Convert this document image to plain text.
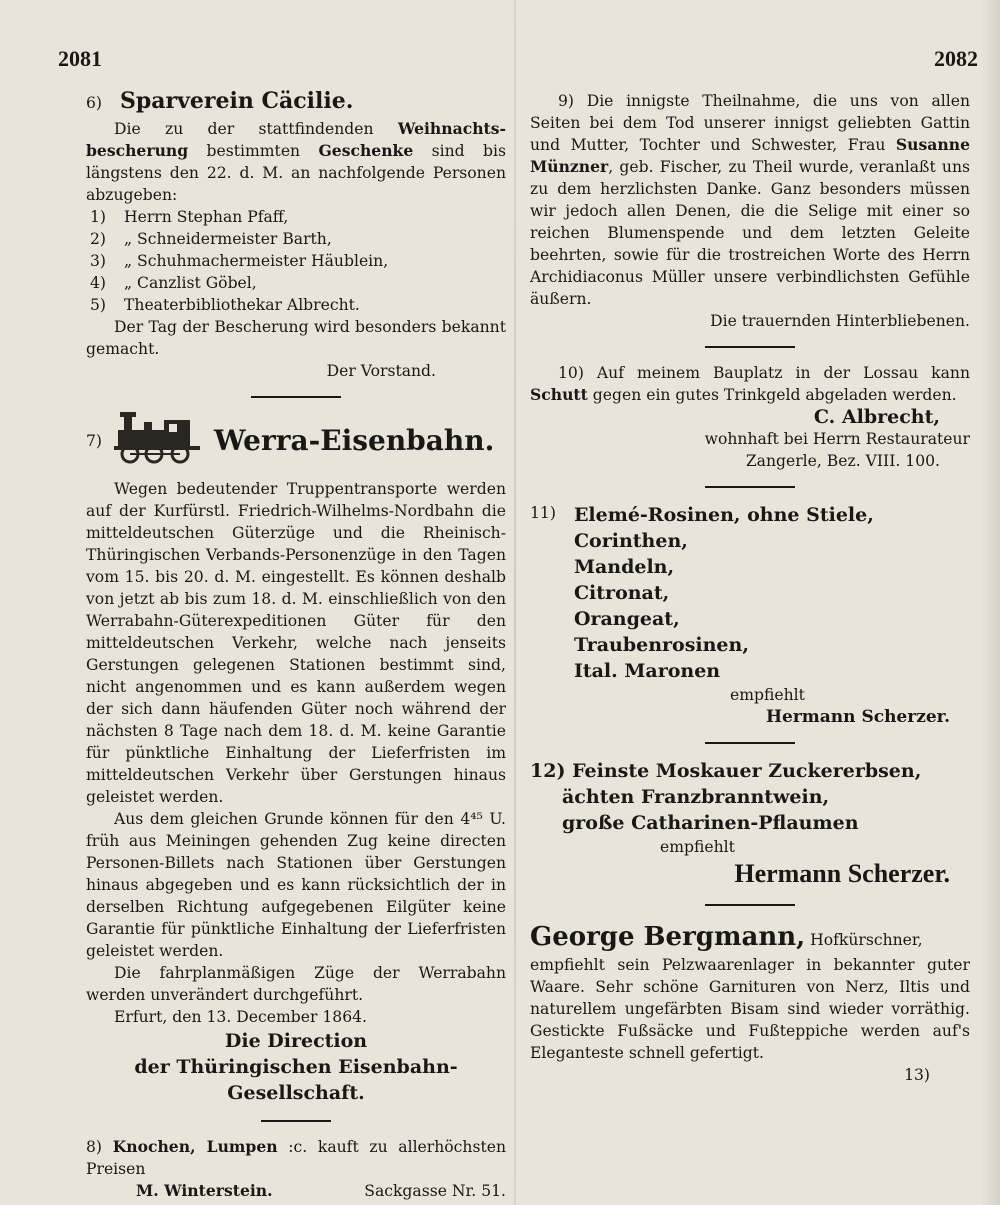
2081	2082
6) Sparverein Cäcilie.

Die zu der stattfindenden Weihnachts-bescherung bestimmten Geschenke sind bis längstens den 22. d. M. an nachfolgende Personen abzugeben:

1) Herrn Stephan Pfaff,
2) „ Schneidermeister Barth,
3) „ Schuhmachermeister Häublein,
4) „ Canzlist Göbel,
5) Theaterbibliothekar Albrecht.

Der Tag der Bescherung wird besonders bekannt gemacht.

Der Vorstand.

7)	Werra-Eisenbahn.

Wegen bedeutender Truppentransporte werden auf der Kurfürstl. Friedrich-Wilhelms-Nordbahn die mitteldeutschen Güterzüge und die Rheinisch-Thüringischen Verbands-Personenzüge in den Tagen vom 15. bis 20. d. M. eingestellt. Es können deshalb von jetzt ab bis zum 18. d. M. einschließlich von den Werrabahn-Güterexpeditionen Güter für den mitteldeutschen Verkehr, welche nach jenseits Gerstungen gelegenen Stationen bestimmt sind, nicht angenommen und es kann außerdem wegen der sich dann häufenden Güter noch während der nächsten 8 Tage nach dem 18. d. M. keine Garantie für pünktliche Einhaltung der Lieferfristen im mitteldeutschen Verkehr über Gerstungen hinaus geleistet werden.

Aus dem gleichen Grunde können für den 4⁴⁵ U. früh aus Meiningen gehenden Zug keine directen Personen-Billets nach Stationen über Gerstungen hinaus abgegeben und es kann rücksichtlich der in derselben Richtung aufgegebenen Eilgüter keine Garantie für pünktliche Einhaltung der Lieferfristen geleistet werden.

Die fahrplanmäßigen Züge der Werrabahn werden unverändert durchgeführt.

Erfurt, den 13. December 1864.

Die Direction

der Thüringischen Eisenbahn-Gesellschaft.

8) Knochen, Lumpen :c. kauft zu allerhöchsten Preisen

M. Winterstein.	Sackgasse Nr. 51.

9) Die innigste Theilnahme, die uns von allen Seiten bei dem Tod unserer innigst geliebten Gattin und Mutter, Tochter und Schwester, Frau Susanne Münzner, geb. Fischer, zu Theil wurde, veranlaßt uns zu dem herzlichsten Danke. Ganz besonders müssen wir jedoch allen Denen, die die Selige mit einer so reichen Blumenspende und dem letzten Geleite beehrten, sowie für die trostreichen Worte des Herrn Archidiaconus Müller unsere verbindlichsten Gefühle äußern.

Die trauernden Hinterbliebenen.

10) Auf meinem Bauplatz in der Lossau kann Schutt gegen ein gutes Trinkgeld abgeladen werden.

C. Albrecht,

wohnhaft bei Herrn Restaurateur

Zangerle, Bez. VIII. 100.

11) Elemé-Rosinen, ohne Stiele,
Corinthen,
Mandeln,
Citronat,
Orangeat,
Traubenrosinen,
Ital. Maronen

empfiehlt

Hermann Scherzer.

12) Feinste Moskauer Zuckererbsen,

ächten Franzbranntwein,

große Catharinen-Pflaumen

empfiehlt

Hermann Scherzer.

George Bergmann, Hofkürschner,

empfiehlt sein Pelzwaarenlager in bekannter guter Waare. Sehr schöne Garnituren von Nerz, Iltis und naturellem ungefärbten Bisam sind wieder vorräthig. Gestickte Fußsäcke und Fußteppiche werden auf's Eleganteste schnell gefertigt.

13)
